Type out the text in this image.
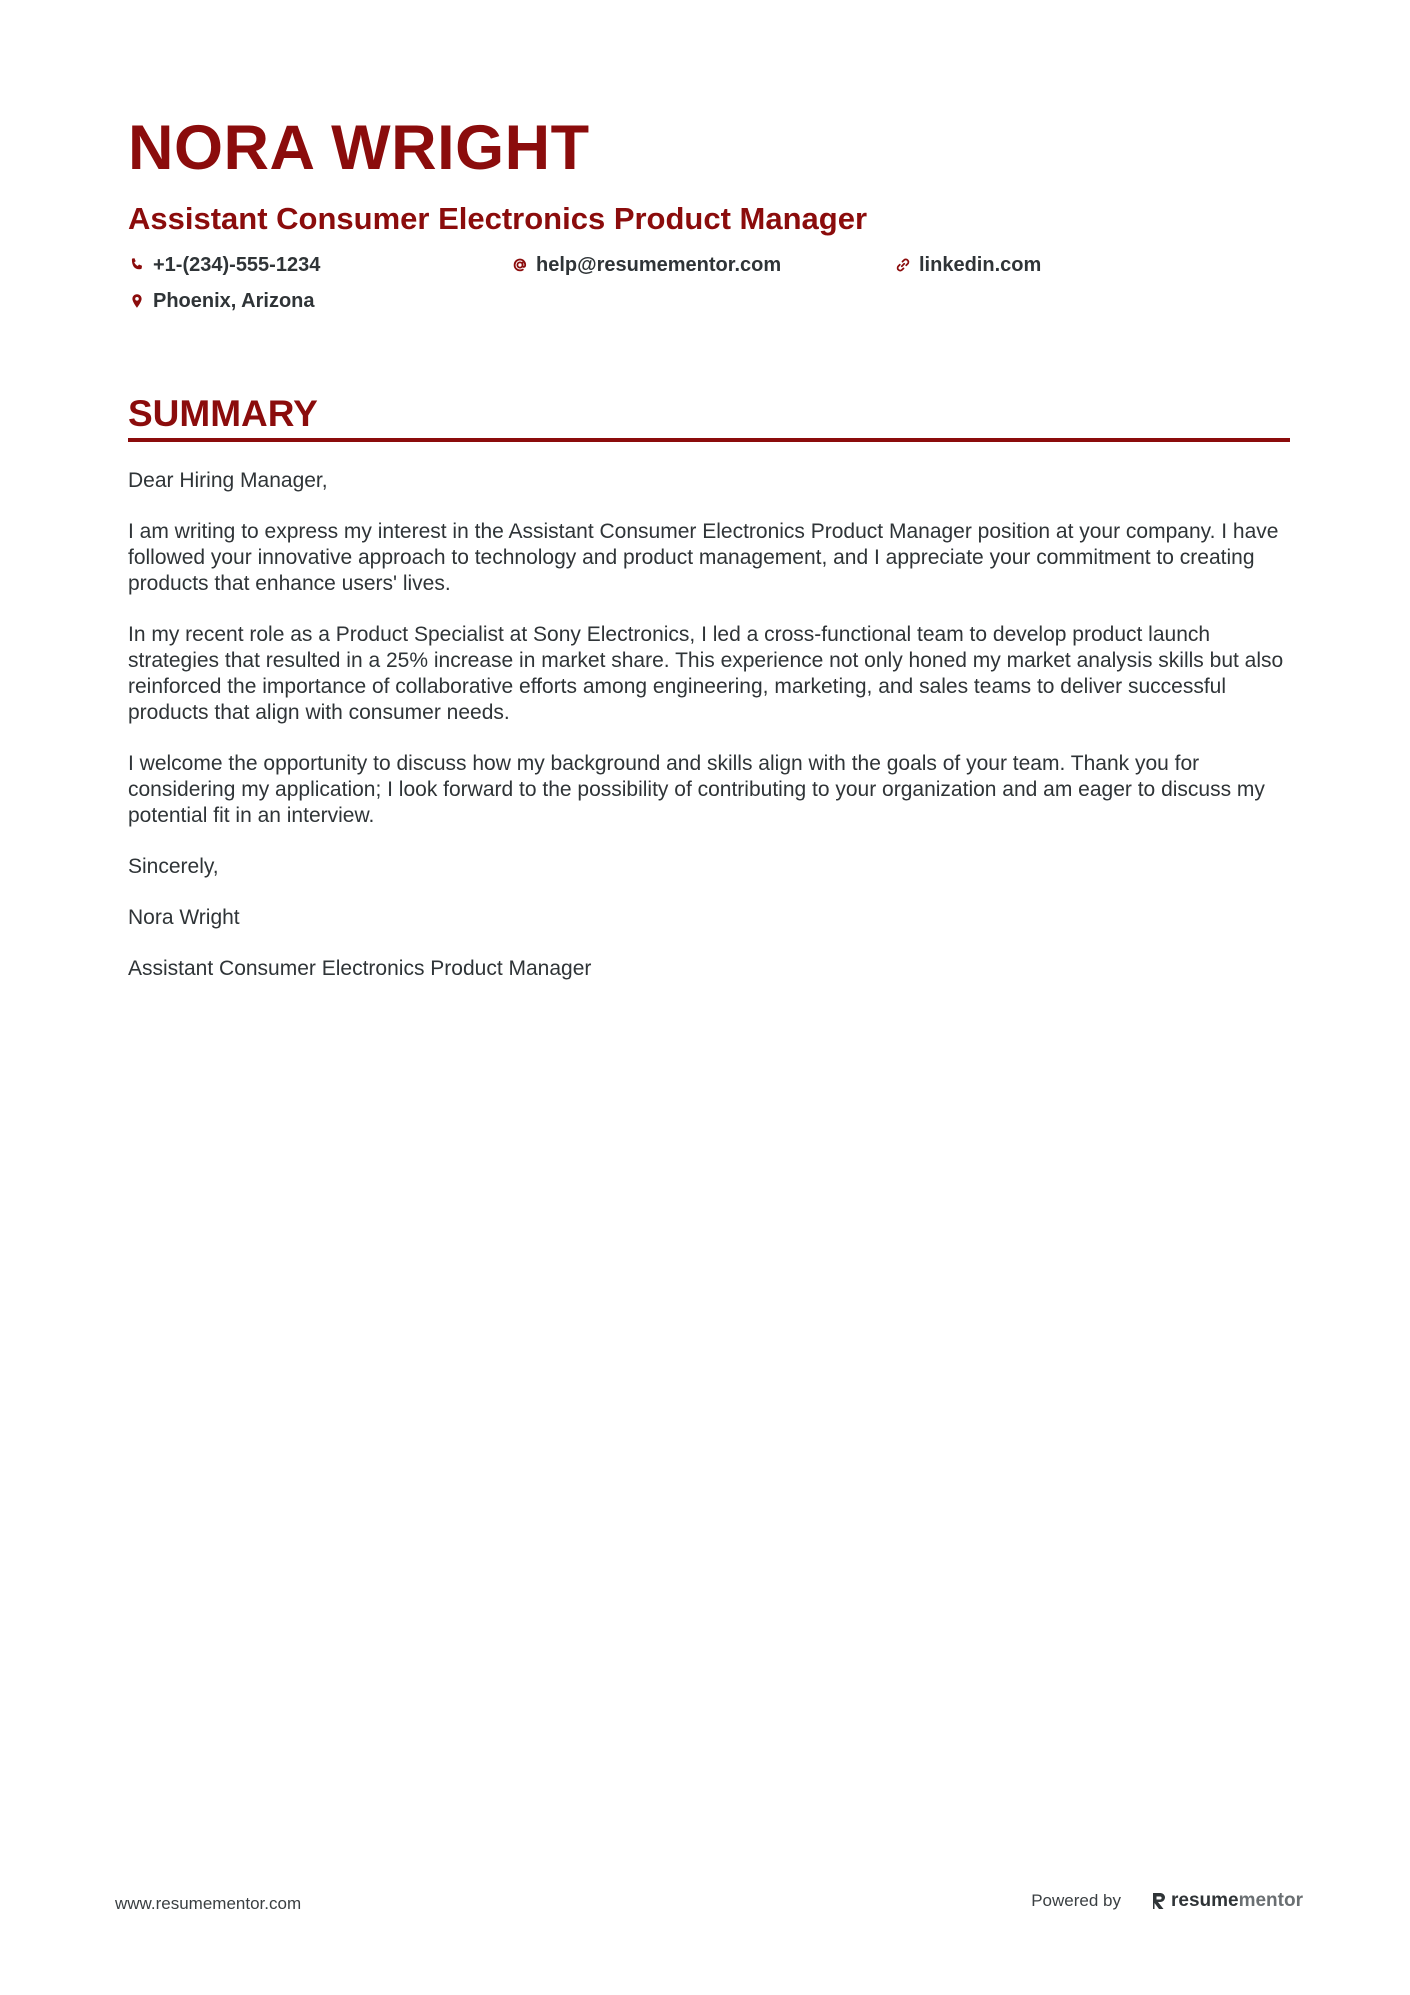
NORA WRIGHT
Assistant Consumer Electronics Product Manager
+1-(234)-555-1234	help@resumementor.com	linkedin.com
Phoenix, Arizona
SUMMARY

Dear Hiring Manager,

I am writing to express my interest in the Assistant Consumer Electronics Product Manager position at your company. I have followed your innovative approach to technology and product management, and I appreciate your commitment to creating products that enhance users' lives.

In my recent role as a Product Specialist at Sony Electronics, I led a cross-functional team to develop product launch strategies that resulted in a 25% increase in market share. This experience not only honed my market analysis skills but also reinforced the importance of collaborative efforts among engineering, marketing, and sales teams to deliver successful products that align with consumer needs.

I welcome the opportunity to discuss how my background and skills align with the goals of your team. Thank you for considering my application; I look forward to the possibility of contributing to your organization and am eager to discuss my potential fit in an interview.

Sincerely,

Nora Wright

Assistant Consumer Electronics Product Manager

www.resumementor.com	Powered by	resume mentor
